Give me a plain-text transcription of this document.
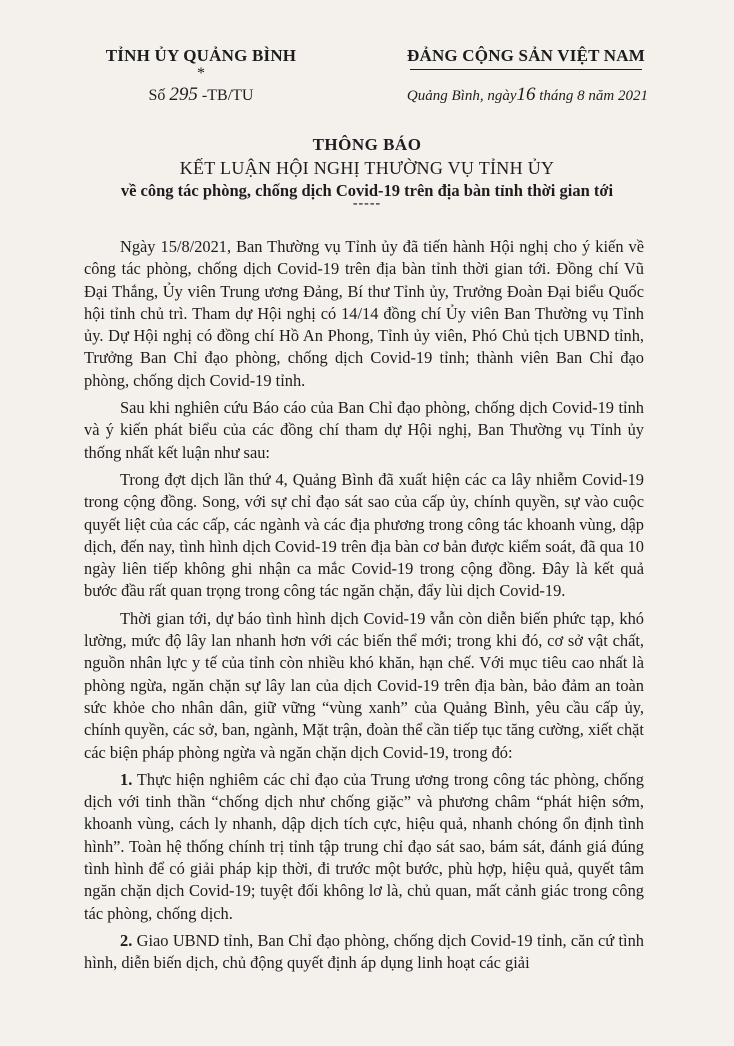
TỈNH ỦY QUẢNG BÌNH
*
Số 295 -TB/TU
ĐẢNG CỘNG SẢN VIỆT NAM
Quảng Bình, ngày16 tháng 8 năm 2021
THÔNG BÁO
KẾT LUẬN HỘI NGHỊ THƯỜNG VỤ TỈNH ỦY
về công tác phòng, chống dịch Covid-19 trên địa bàn tỉnh thời gian tới
-----

Ngày 15/8/2021, Ban Thường vụ Tỉnh ủy đã tiến hành Hội nghị cho ý kiến về công tác phòng, chống dịch Covid-19 trên địa bàn tỉnh thời gian tới. Đồng chí Vũ Đại Thắng, Ủy viên Trung ương Đảng, Bí thư Tỉnh ủy, Trưởng Đoàn Đại biểu Quốc hội tỉnh chủ trì. Tham dự Hội nghị có 14/14 đồng chí Ủy viên Ban Thường vụ Tỉnh ủy. Dự Hội nghị có đồng chí Hồ An Phong, Tỉnh ủy viên, Phó Chủ tịch UBND tỉnh, Trưởng Ban Chỉ đạo phòng, chống dịch Covid-19 tỉnh; thành viên Ban Chỉ đạo phòng, chống dịch Covid-19 tỉnh.

Sau khi nghiên cứu Báo cáo của Ban Chỉ đạo phòng, chống dịch Covid-19 tỉnh và ý kiến phát biểu của các đồng chí tham dự Hội nghị, Ban Thường vụ Tỉnh ủy thống nhất kết luận như sau:

Trong đợt dịch lần thứ 4, Quảng Bình đã xuất hiện các ca lây nhiễm Covid-19 trong cộng đồng. Song, với sự chỉ đạo sát sao của cấp ủy, chính quyền, sự vào cuộc quyết liệt của các cấp, các ngành và các địa phương trong công tác khoanh vùng, dập dịch, đến nay, tình hình dịch Covid-19 trên địa bàn cơ bản được kiểm soát, đã qua 10 ngày liên tiếp không ghi nhận ca mắc Covid-19 trong cộng đồng. Đây là kết quả bước đầu rất quan trọng trong công tác ngăn chặn, đẩy lùi dịch Covid-19.

Thời gian tới, dự báo tình hình dịch Covid-19 vẫn còn diễn biến phức tạp, khó lường, mức độ lây lan nhanh hơn với các biến thể mới; trong khi đó, cơ sở vật chất, nguồn nhân lực y tế của tỉnh còn nhiều khó khăn, hạn chế. Với mục tiêu cao nhất là phòng ngừa, ngăn chặn sự lây lan của dịch Covid-19 trên địa bàn, bảo đảm an toàn sức khỏe cho nhân dân, giữ vững “vùng xanh” của Quảng Bình, yêu cầu cấp ủy, chính quyền, các sở, ban, ngành, Mặt trận, đoàn thể cần tiếp tục tăng cường, xiết chặt các biện pháp phòng ngừa và ngăn chặn dịch Covid-19, trong đó:

1. Thực hiện nghiêm các chỉ đạo của Trung ương trong công tác phòng, chống dịch với tinh thần “chống dịch như chống giặc” và phương châm “phát hiện sớm, khoanh vùng, cách ly nhanh, dập dịch tích cực, hiệu quả, nhanh chóng ổn định tình hình”. Toàn hệ thống chính trị tỉnh tập trung chỉ đạo sát sao, bám sát, đánh giá đúng tình hình để có giải pháp kịp thời, đi trước một bước, phù hợp, hiệu quả, quyết tâm ngăn chặn dịch Covid-19; tuyệt đối không lơ là, chủ quan, mất cảnh giác trong công tác phòng, chống dịch.

2. Giao UBND tỉnh, Ban Chỉ đạo phòng, chống dịch Covid-19 tỉnh, căn cứ tình hình, diễn biến dịch, chủ động quyết định áp dụng linh hoạt các giải
